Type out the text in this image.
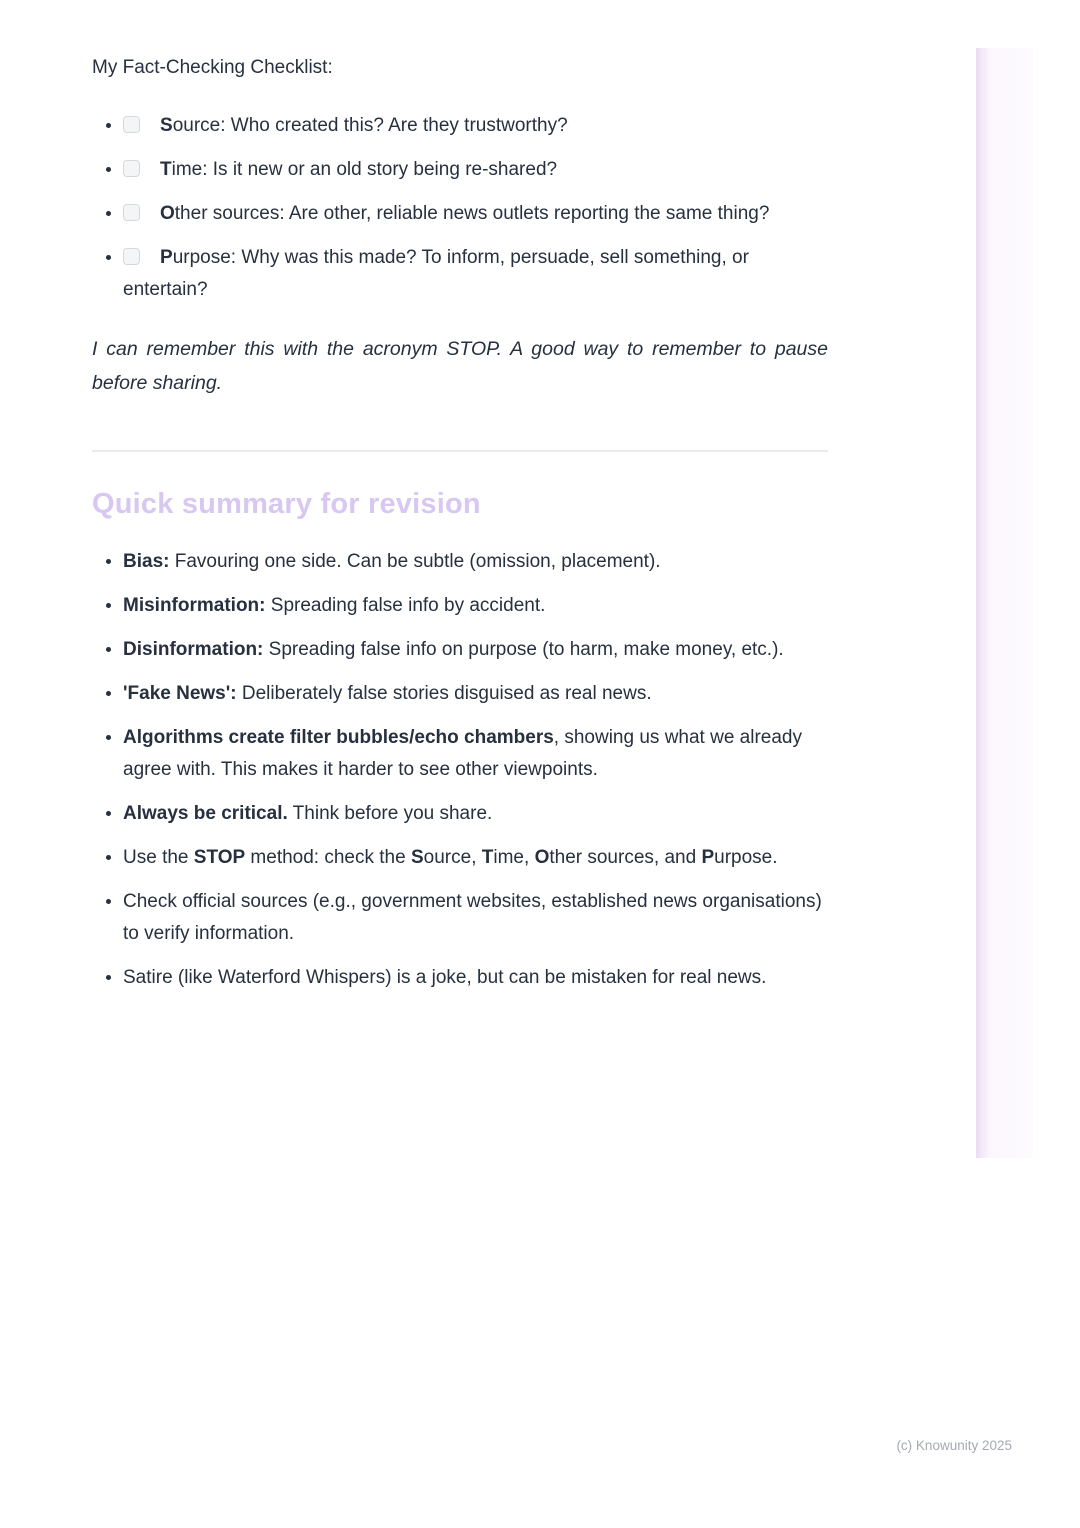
My Fact-Checking Checklist:

• Source: Who created this? Are they trustworthy?
• Time: Is it new or an old story being re-shared?
• Other sources: Are other, reliable news outlets reporting the same thing?
• Purpose: Why was this made? To inform, persuade, sell something, or entertain?

I can remember this with the acronym STOP. A good way to remember to pause before sharing.

Quick summary for revision
• Bias: Favouring one side. Can be subtle (omission, placement).
• Misinformation: Spreading false info by accident.
• Disinformation: Spreading false info on purpose (to harm, make money, etc.).
• 'Fake News': Deliberately false stories disguised as real news.
• Algorithms create filter bubbles/echo chambers, showing us what we already agree with. This makes it harder to see other viewpoints.
• Always be critical. Think before you share.
• Use the STOP method: check the Source, Time, Other sources, and Purpose.
• Check official sources (e.g., government websites, established news organisations) to verify information.
• Satire (like Waterford Whispers) is a joke, but can be mistaken for real news.
(c) Knowunity 2025
